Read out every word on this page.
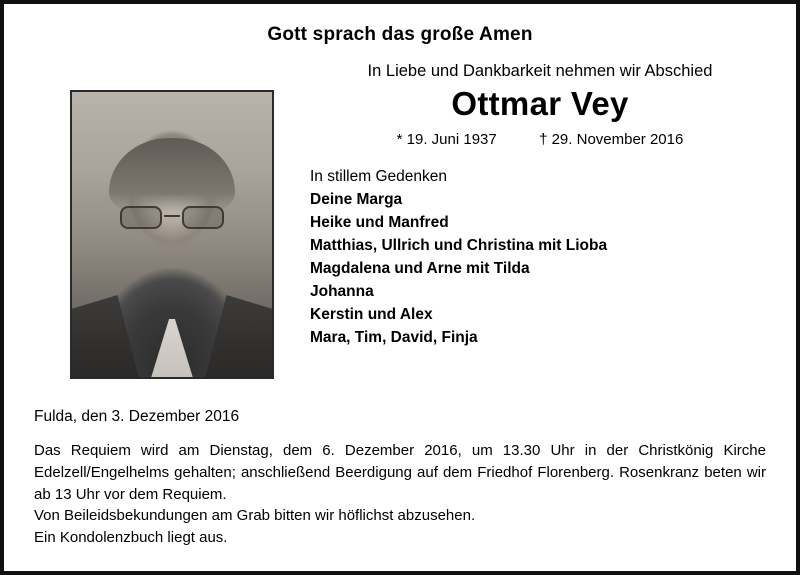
Gott sprach das große Amen
In Liebe und Dankbarkeit nehmen wir Abschied
Ottmar Vey
* 19. Juni 1937	† 29. November 2016
In stillem Gedenken
Deine Marga
Heike und Manfred
Matthias, Ullrich und Christina mit Lioba
Magdalena und Arne mit Tilda
Johanna
Kerstin und Alex
Mara, Tim, David, Finja
Fulda, den 3. Dezember 2016

Das Requiem wird am Dienstag, dem 6. Dezember 2016, um 13.30 Uhr in der Christkönig Kirche Edelzell/Engelhelms gehalten; anschließend Beerdigung auf dem Friedhof Florenberg. Rosenkranz beten wir ab 13 Uhr vor dem Requiem.

Von Beileidsbekundungen am Grab bitten wir höflichst abzusehen.

Ein Kondolenzbuch liegt aus.
